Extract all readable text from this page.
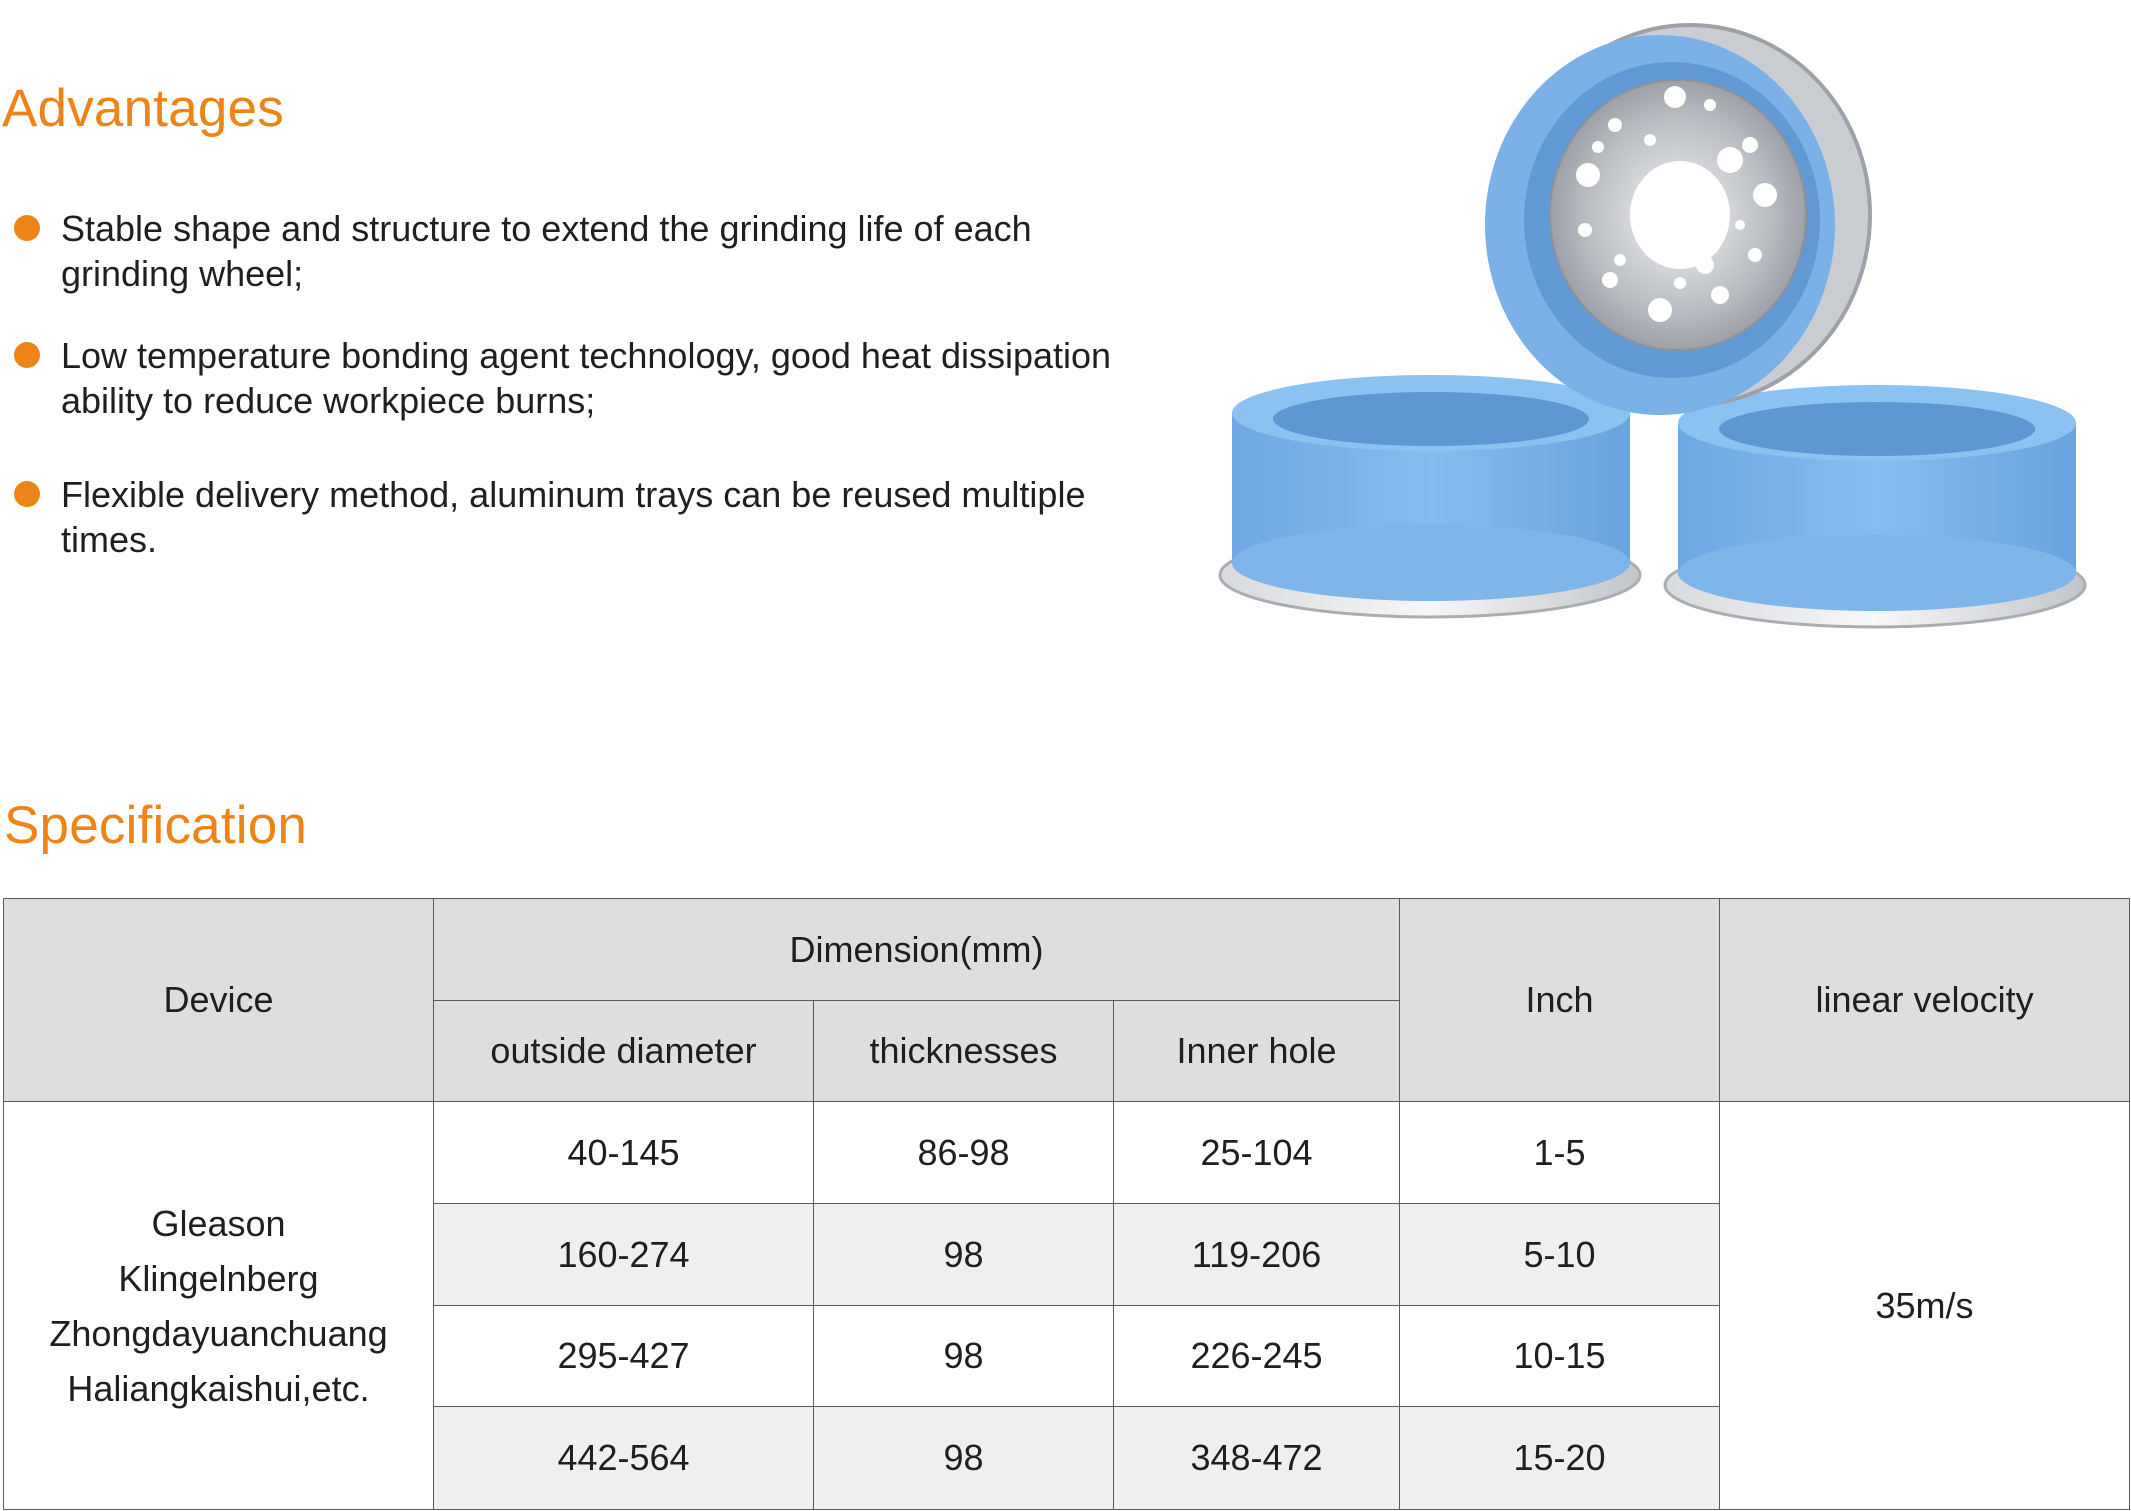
Advantages
Stable shape and structure to extend the grinding life of each grinding wheel;
Low temperature bonding agent technology, good heat dissipation ability to reduce workpiece burns;
Flexible delivery method, aluminum trays can be reused multiple times.
Specification
Device	Dimension(mm)			Inch	linear velocity
	outside diameter	thicknesses	Inner hole		

Gleason
Klingelnberg
Zhongdayuanchuang
Haliangkaishui,etc.	40-145	86-98	25-104	1-5	35m/s
	160-274	98	119-206	5-10	
	295-427	98	226-245	10-15	
	442-564	98	348-472	15-20	
